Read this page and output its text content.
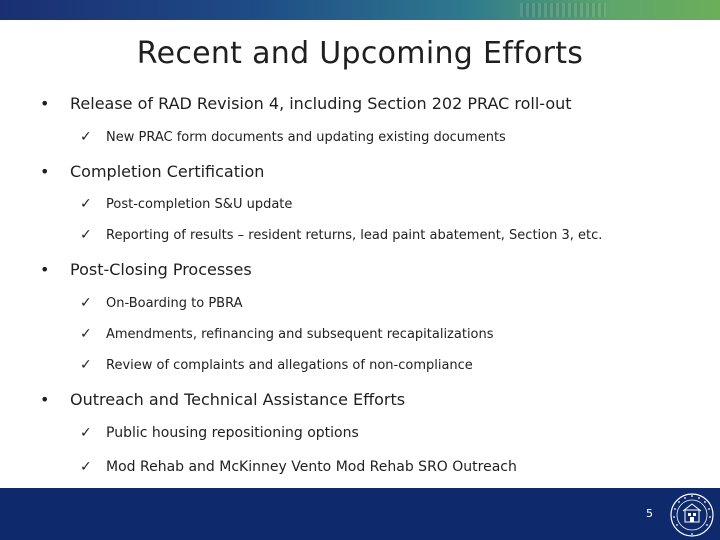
Recent and Upcoming Efforts
• Release of RAD Revision 4, including Section 202 PRAC roll-out
✓ New PRAC form documents and updating existing documents
• Completion Certification
✓ Post-completion S&U update
✓ Reporting of results – resident returns, lead paint abatement, Section 3, etc.
• Post-Closing Processes
✓ On-Boarding to PBRA
✓ Amendments, refinancing and subsequent recapitalizations
✓ Review of complaints and allegations of non-compliance
• Outreach and Technical Assistance Efforts
✓ Public housing repositioning options
✓ Mod Rehab and McKinney Vento Mod Rehab SRO Outreach
5
